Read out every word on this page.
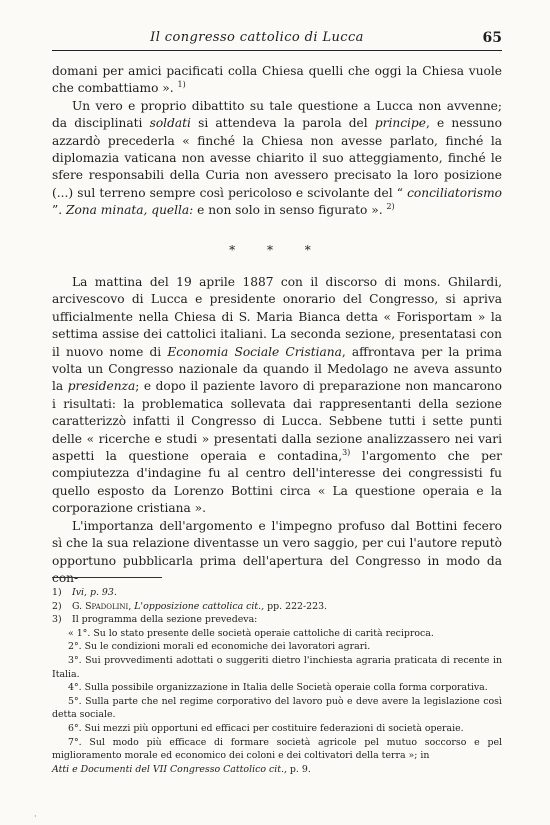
Il congresso cattolico di Lucca	65

domani per amici pacificati colla Chiesa quelli che oggi la Chiesa vuole che combattiamo ». $^{1)}$

Un vero e proprio dibattito su tale questione a Lucca non avvenne; da disciplinati soldati si attendeva la parola del principe, e nessuno azzardò precederla « finché la Chiesa non avesse parlato, finché la diplomazia vaticana non avesse chiarito il suo atteggiamento, finché le sfere responsabili della Curia non avessero precisato la loro posizione (...) sul terreno sempre così pericoloso e scivolante del “ conciliatorismo ”. Zona minata, quella: e non solo in senso figurato ». $^{2)}$

* * *

La mattina del 19 aprile 1887 con il discorso di mons. Ghilardi, arcivescovo di Lucca e presidente onorario del Congresso, si apriva ufficialmente nella Chiesa di S. Maria Bianca detta « Forisportam » la settima assise dei cattolici italiani. La seconda sezione, presentatasi con il nuovo nome di Economia Sociale Cristiana, affrontava per la prima volta un Congresso nazionale da quando il Medolago ne aveva assunto la presidenza; e dopo il paziente lavoro di preparazione non mancarono i risultati: la problematica sollevata dai rappresentanti della sezione caratterizzò infatti il Congresso di Lucca. Sebbene tutti i sette punti delle « ricerche e studi » presentati dalla sezione analizzassero nei vari aspetti la questione operaia e contadina,$^{3)}$ l'argomento che per compiutezza d'indagine fu al centro dell'interesse dei congressisti fu quello esposto da Lorenzo Bottini circa « La questione operaia e la corporazione cristiana ».

L'importanza dell'argomento e l'impegno profuso dal Bottini fecero sì che la sua relazione diventasse un vero saggio, per cui l'autore reputò opportuno pubblicarla prima dell'apertura del Congresso in modo da

1) Ivi, p. 93.
2) G. Spadolini, L'opposizione cattolica cit., pp. 222-223.
3) Il programma della sezione prevedeva:
« 1°. Su lo stato presente delle società operaie cattoliche di carità reciproca.
2°. Su le condizioni morali ed economiche dei lavoratori agrari.
3°. Sui provvedimenti adottati o suggeriti dietro l'inchiesta agraria praticata di recente in Italia.
4°. Sulla possibile organizzazione in Italia delle Società operaie colla forma corporativa.
5°. Sulla parte che nel regime corporativo del lavoro può e deve avere la legislazione così detta sociale.
6°. Sui mezzi più opportuni ed efficaci per costituire federazioni di società operaie.
7°. Sul modo più efficace di formare società agricole pel mutuo soccorso e pel miglioramento morale ed economico dei coloni e dei coltivatori della terra »; in
Atti e Documenti del VII Congresso Cattolico cit., p. 9.
·
